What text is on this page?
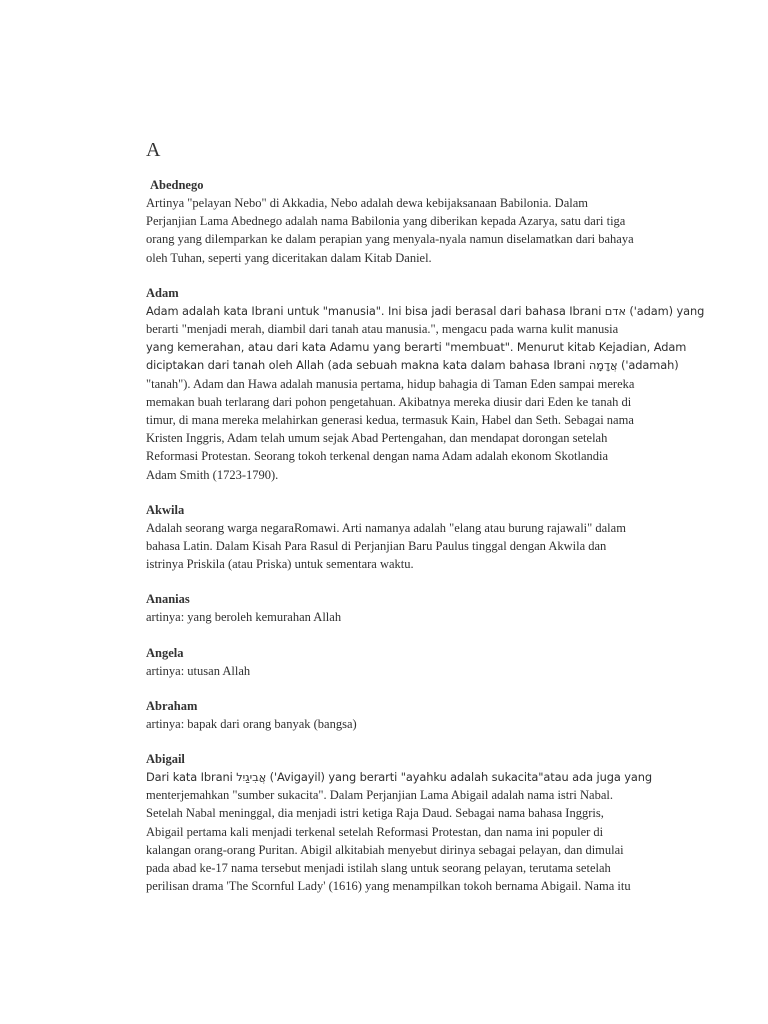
A
Abednego

Artinya "pelayan Nebo" di Akkadia, Nebo adalah dewa kebijaksanaan Babilonia. Dalam
Perjanjian Lama Abednego adalah nama Babilonia yang diberikan kepada Azarya, satu dari tiga
orang yang dilemparkan ke dalam perapian yang menyala-nyala namun diselamatkan dari bahaya
oleh Tuhan, seperti yang diceritakan dalam Kitab Daniel.

Adam

Adam adalah kata Ibrani untuk "manusia". Ini bisa jadi berasal dari bahasa Ibrani אדם ('adam) yang
berarti "menjadi merah, diambil dari tanah atau manusia.", mengacu pada warna kulit manusia
yang kemerahan, atau dari kata Adamu yang berarti "membuat". Menurut kitab Kejadian, Adam
diciptakan dari tanah oleh Allah (ada sebuah makna kata dalam bahasa Ibrani אֲדָמָה ('adamah)
"tanah"). Adam dan Hawa adalah manusia pertama, hidup bahagia di Taman Eden sampai mereka
memakan buah terlarang dari pohon pengetahuan. Akibatnya mereka diusir dari Eden ke tanah di
timur, di mana mereka melahirkan generasi kedua, termasuk Kain, Habel dan Seth. Sebagai nama
Kristen Inggris, Adam telah umum sejak Abad Pertengahan, dan mendapat dorongan setelah
Reformasi Protestan. Seorang tokoh terkenal dengan nama Adam adalah ekonom Skotlandia
Adam Smith (1723-1790).

Akwila

Adalah seorang warga negaraRomawi. Arti namanya adalah "elang atau burung rajawali" dalam
bahasa Latin. Dalam Kisah Para Rasul di Perjanjian Baru Paulus tinggal dengan Akwila dan
istrinya Priskila (atau Priska) untuk sementara waktu.

Ananias

artinya: yang beroleh kemurahan Allah

Angela

artinya: utusan Allah

Abraham

artinya: bapak dari orang banyak (bangsa)

Abigail

Dari kata Ibrani אֲבִיגַיִל ('Avigayil) yang berarti "ayahku adalah sukacita"atau ada juga yang
menterjemahkan "sumber sukacita". Dalam Perjanjian Lama Abigail adalah nama istri Nabal.
Setelah Nabal meninggal, dia menjadi istri ketiga Raja Daud. Sebagai nama bahasa Inggris,
Abigail pertama kali menjadi terkenal setelah Reformasi Protestan, dan nama ini populer di
kalangan orang-orang Puritan. Abigil alkitabiah menyebut dirinya sebagai pelayan, dan dimulai
pada abad ke-17 nama tersebut menjadi istilah slang untuk seorang pelayan, terutama setelah
perilisan drama 'The Scornful Lady' (1616) yang menampilkan tokoh bernama Abigail. Nama itu
